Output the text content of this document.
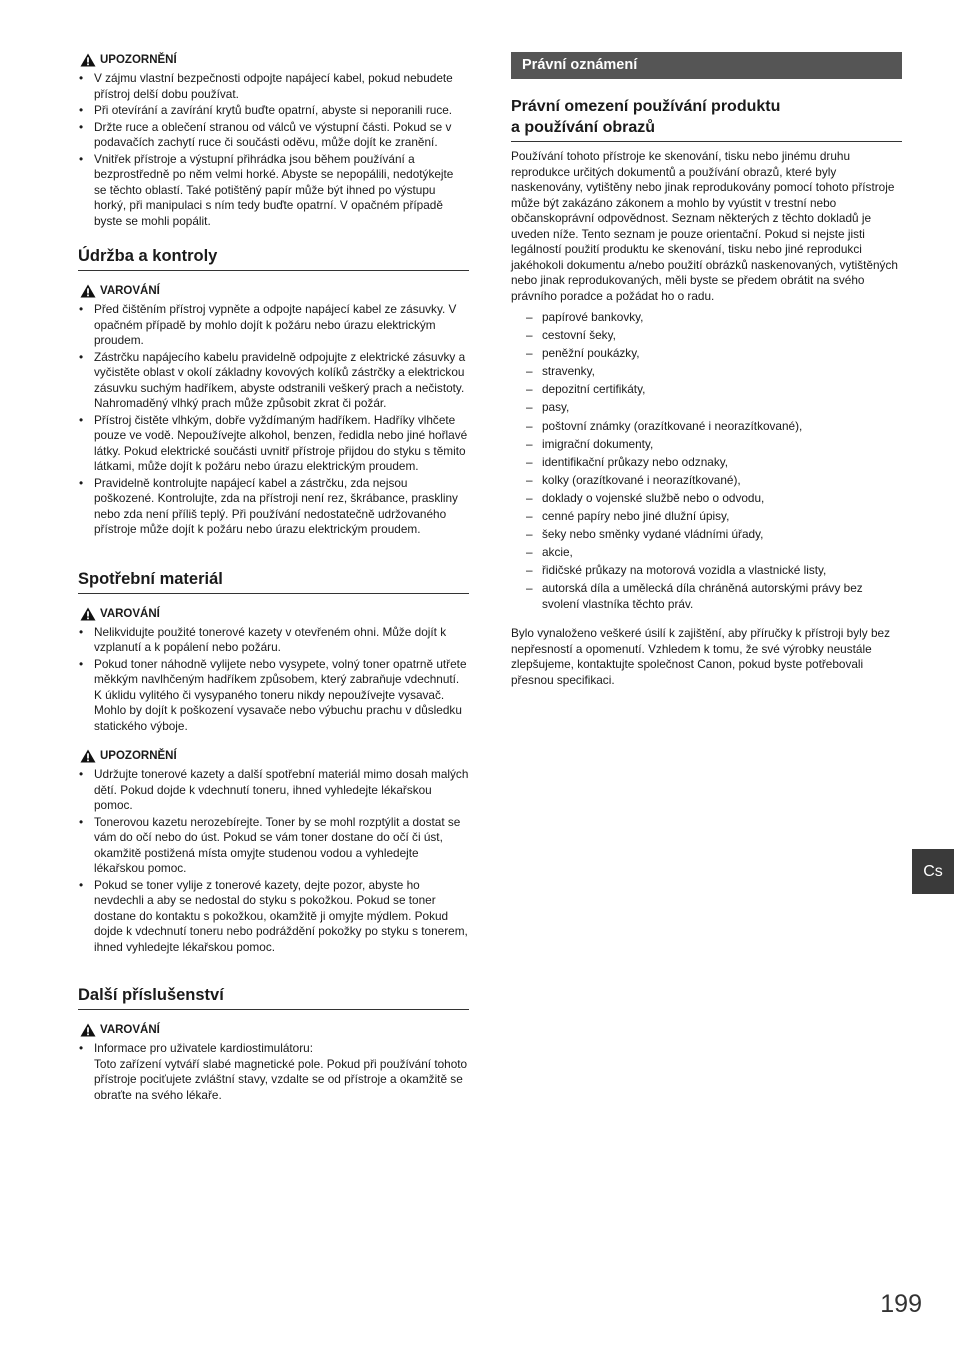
UPOZORNĚNÍ
• V zájmu vlastní bezpečnosti odpojte napájecí kabel, pokud nebudete přístroj delší dobu používat.
• Při otevírání a zavírání krytů buďte opatrní, abyste si neporanili ruce.
• Držte ruce a oblečení stranou od válců ve výstupní části. Pokud se v podavačích zachytí ruce či součásti oděvu, může dojít ke zranění.
• Vnitřek přístroje a výstupní přihrádka jsou během používání a bezprostředně po něm velmi horké. Abyste se nepopálili, nedotýkejte se těchto oblastí. Také potištěný papír může být ihned po výstupu horký, při manipulaci s ním tedy buďte opatrní. V opačném případě byste se mohli popálit.
Údržba a kontroly
VAROVÁNÍ
• Před čištěním přístroj vypněte a odpojte napájecí kabel ze zásuvky. V opačném případě by mohlo dojít k požáru nebo úrazu elektrickým proudem.
• Zástrčku napájecího kabelu pravidelně odpojujte z elektrické zásuvky a vyčistěte oblast v okolí základny kovových kolíků zástrčky a elektrickou zásuvku suchým hadříkem, abyste odstranili veškerý prach a nečistoty. Nahromaděný vlhký prach může způsobit zkrat či požár.
• Přístroj čistěte vlhkým, dobře vyždímaným hadříkem. Hadříky vlhčete pouze ve vodě. Nepoužívejte alkohol, benzen, ředidla nebo jiné hořlavé látky. Pokud elektrické součásti uvnitř přístroje přijdou do styku s těmito látkami, může dojít k požáru nebo úrazu elektrickým proudem.
• Pravidelně kontrolujte napájecí kabel a zástrčku, zda nejsou poškozené. Kontrolujte, zda na přístroji není rez, škrábance, praskliny nebo zda není příliš teplý. Při používání nedostatečně udržovaného přístroje může dojít k požáru nebo úrazu elektrickým proudem.
Spotřební materiál
VAROVÁNÍ
• Nelikvidujte použité tonerové kazety v otevřeném ohni. Může dojít k vzplanutí a k popálení nebo požáru.
• Pokud toner náhodně vylijete nebo vysypete, volný toner opatrně utřete měkkým navlhčeným hadříkem způsobem, který zabraňuje vdechnutí. K úklidu vylitého či vysypaného toneru nikdy nepoužívejte vysavač. Mohlo by dojít k poškození vysavače nebo výbuchu prachu v důsledku statického výboje.
UPOZORNĚNÍ
• Udržujte tonerové kazety a další spotřební materiál mimo dosah malých dětí. Pokud dojde k vdechnutí toneru, ihned vyhledejte lékařskou pomoc.
• Tonerovou kazetu nerozebírejte. Toner by se mohl rozptýlit a dostat se vám do očí nebo do úst. Pokud se vám toner dostane do očí či úst, okamžitě postižená místa omyjte studenou vodou a vyhledejte lékařskou pomoc.
• Pokud se toner vylije z tonerové kazety, dejte pozor, abyste ho nevdechli a aby se nedostal do styku s pokožkou. Pokud se toner dostane do kontaktu s pokožkou, okamžitě ji omyjte mýdlem. Pokud dojde k vdechnutí toneru nebo podráždění pokožky po styku s tonerem, ihned vyhledejte lékařskou pomoc.
Další příslušenství
VAROVÁNÍ
• Informace pro uživatele kardiostimulátoru:
Toto zařízení vytváří slabé magnetické pole. Pokud při používání tohoto přístroje pociťujete zvláštní stavy, vzdalte se od přístroje a okamžitě se obraťte na svého lékaře.
Právní oznámení
Právní omezení používání produktu
a používání obrazů

Používání tohoto přístroje ke skenování, tisku nebo jinému druhu reprodukce určitých dokumentů a používání obrazů, které byly naskenovány, vytištěny nebo jinak reprodukovány pomocí tohoto přístroje může být zakázáno zákonem a mohlo by vyústit v trestní nebo občanskoprávní odpovědnost. Seznam některých z těchto dokladů je uveden níže. Tento seznam je pouze orientační. Pokud si nejste jisti legálností použití produktu ke skenování, tisku nebo jiné reprodukci jakéhokoli dokumentu a/nebo použití obrázků naskenovaných, vytištěných nebo jinak reprodukovaných, měli byste se předem obrátit na svého právního poradce a požádat ho o radu.

– papírové bankovky,
– cestovní šeky,
– peněžní poukázky,
– stravenky,
– depozitní certifikáty,
– pasy,
– poštovní známky (orazítkované i neorazítkované),
– imigrační dokumenty,
– identifikační průkazy nebo odznaky,
– kolky (orazítkované i neorazítkované),
– doklady o vojenské službě nebo o odvodu,
– cenné papíry nebo jiné dlužní úpisy,
– šeky nebo směnky vydané vládními úřady,
– akcie,
– řidičské průkazy na motorová vozidla a vlastnické listy,
– autorská díla a umělecká díla chráněná autorskými právy bez svolení vlastníka těchto práv.

Bylo vynaloženo veškeré úsilí k zajištění, aby příručky k přístroji byly bez nepřesností a opomenutí. Vzhledem k tomu, že své výrobky neustále zlepšujeme, kontaktujte společnost Canon, pokud byste potřebovali přesnou specifikaci.

Cs
199
